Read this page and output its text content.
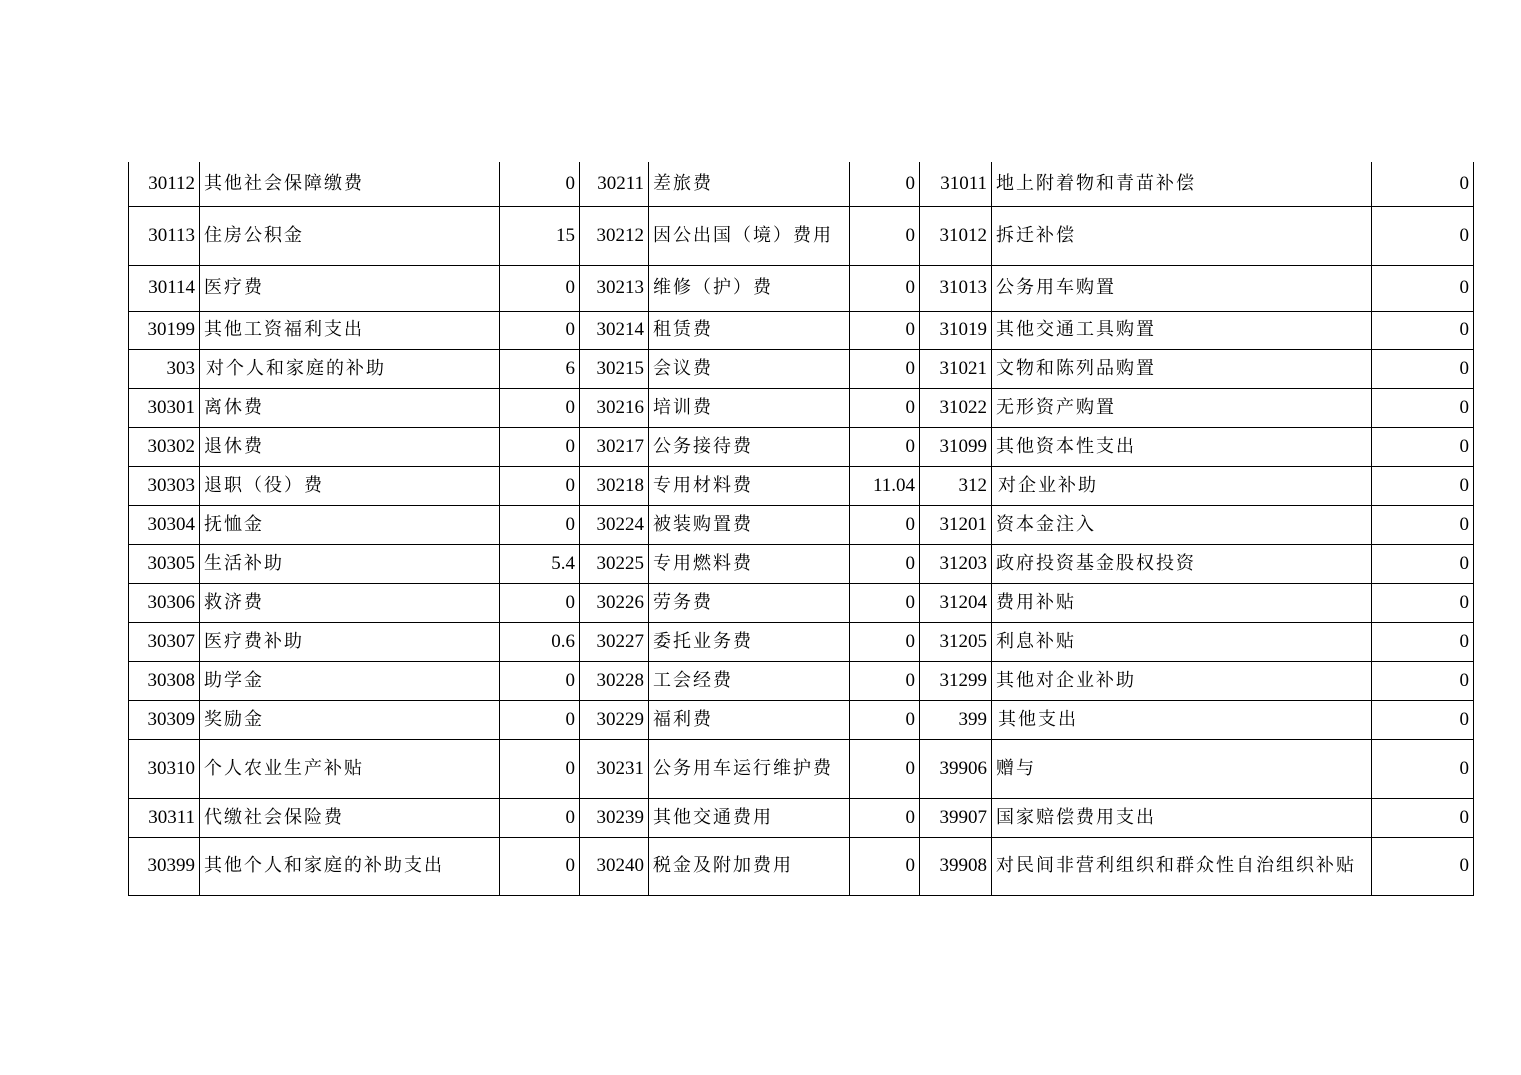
30112	其他社会保障缴费	0	30211	差旅费	0	31011	地上附着物和青苗补偿	0
30113	住房公积金	15	30212	因公出国（境）费用	0	31012	拆迁补偿	0
30114	医疗费	0	30213	维修（护）费	0	31013	公务用车购置	0
30199	其他工资福利支出	0	30214	租赁费	0	31019	其他交通工具购置	0
303	对个人和家庭的补助	6	30215	会议费	0	31021	文物和陈列品购置	0
30301	离休费	0	30216	培训费	0	31022	无形资产购置	0
30302	退休费	0	30217	公务接待费	0	31099	其他资本性支出	0
30303	退职（役）费	0	30218	专用材料费	11.04	312	对企业补助	0
30304	抚恤金	0	30224	被装购置费	0	31201	资本金注入	0
30305	生活补助	5.4	30225	专用燃料费	0	31203	政府投资基金股权投资	0
30306	救济费	0	30226	劳务费	0	31204	费用补贴	0
30307	医疗费补助	0.6	30227	委托业务费	0	31205	利息补贴	0
30308	助学金	0	30228	工会经费	0	31299	其他对企业补助	0
30309	奖励金	0	30229	福利费	0	399	其他支出	0
30310	个人农业生产补贴	0	30231	公务用车运行维护费	0	39906	赠与	0
30311	代缴社会保险费	0	30239	其他交通费用	0	39907	国家赔偿费用支出	0
30399	其他个人和家庭的补助支出	0	30240	税金及附加费用	0	39908	对民间非营利组织和群众性自治组织补贴	0
